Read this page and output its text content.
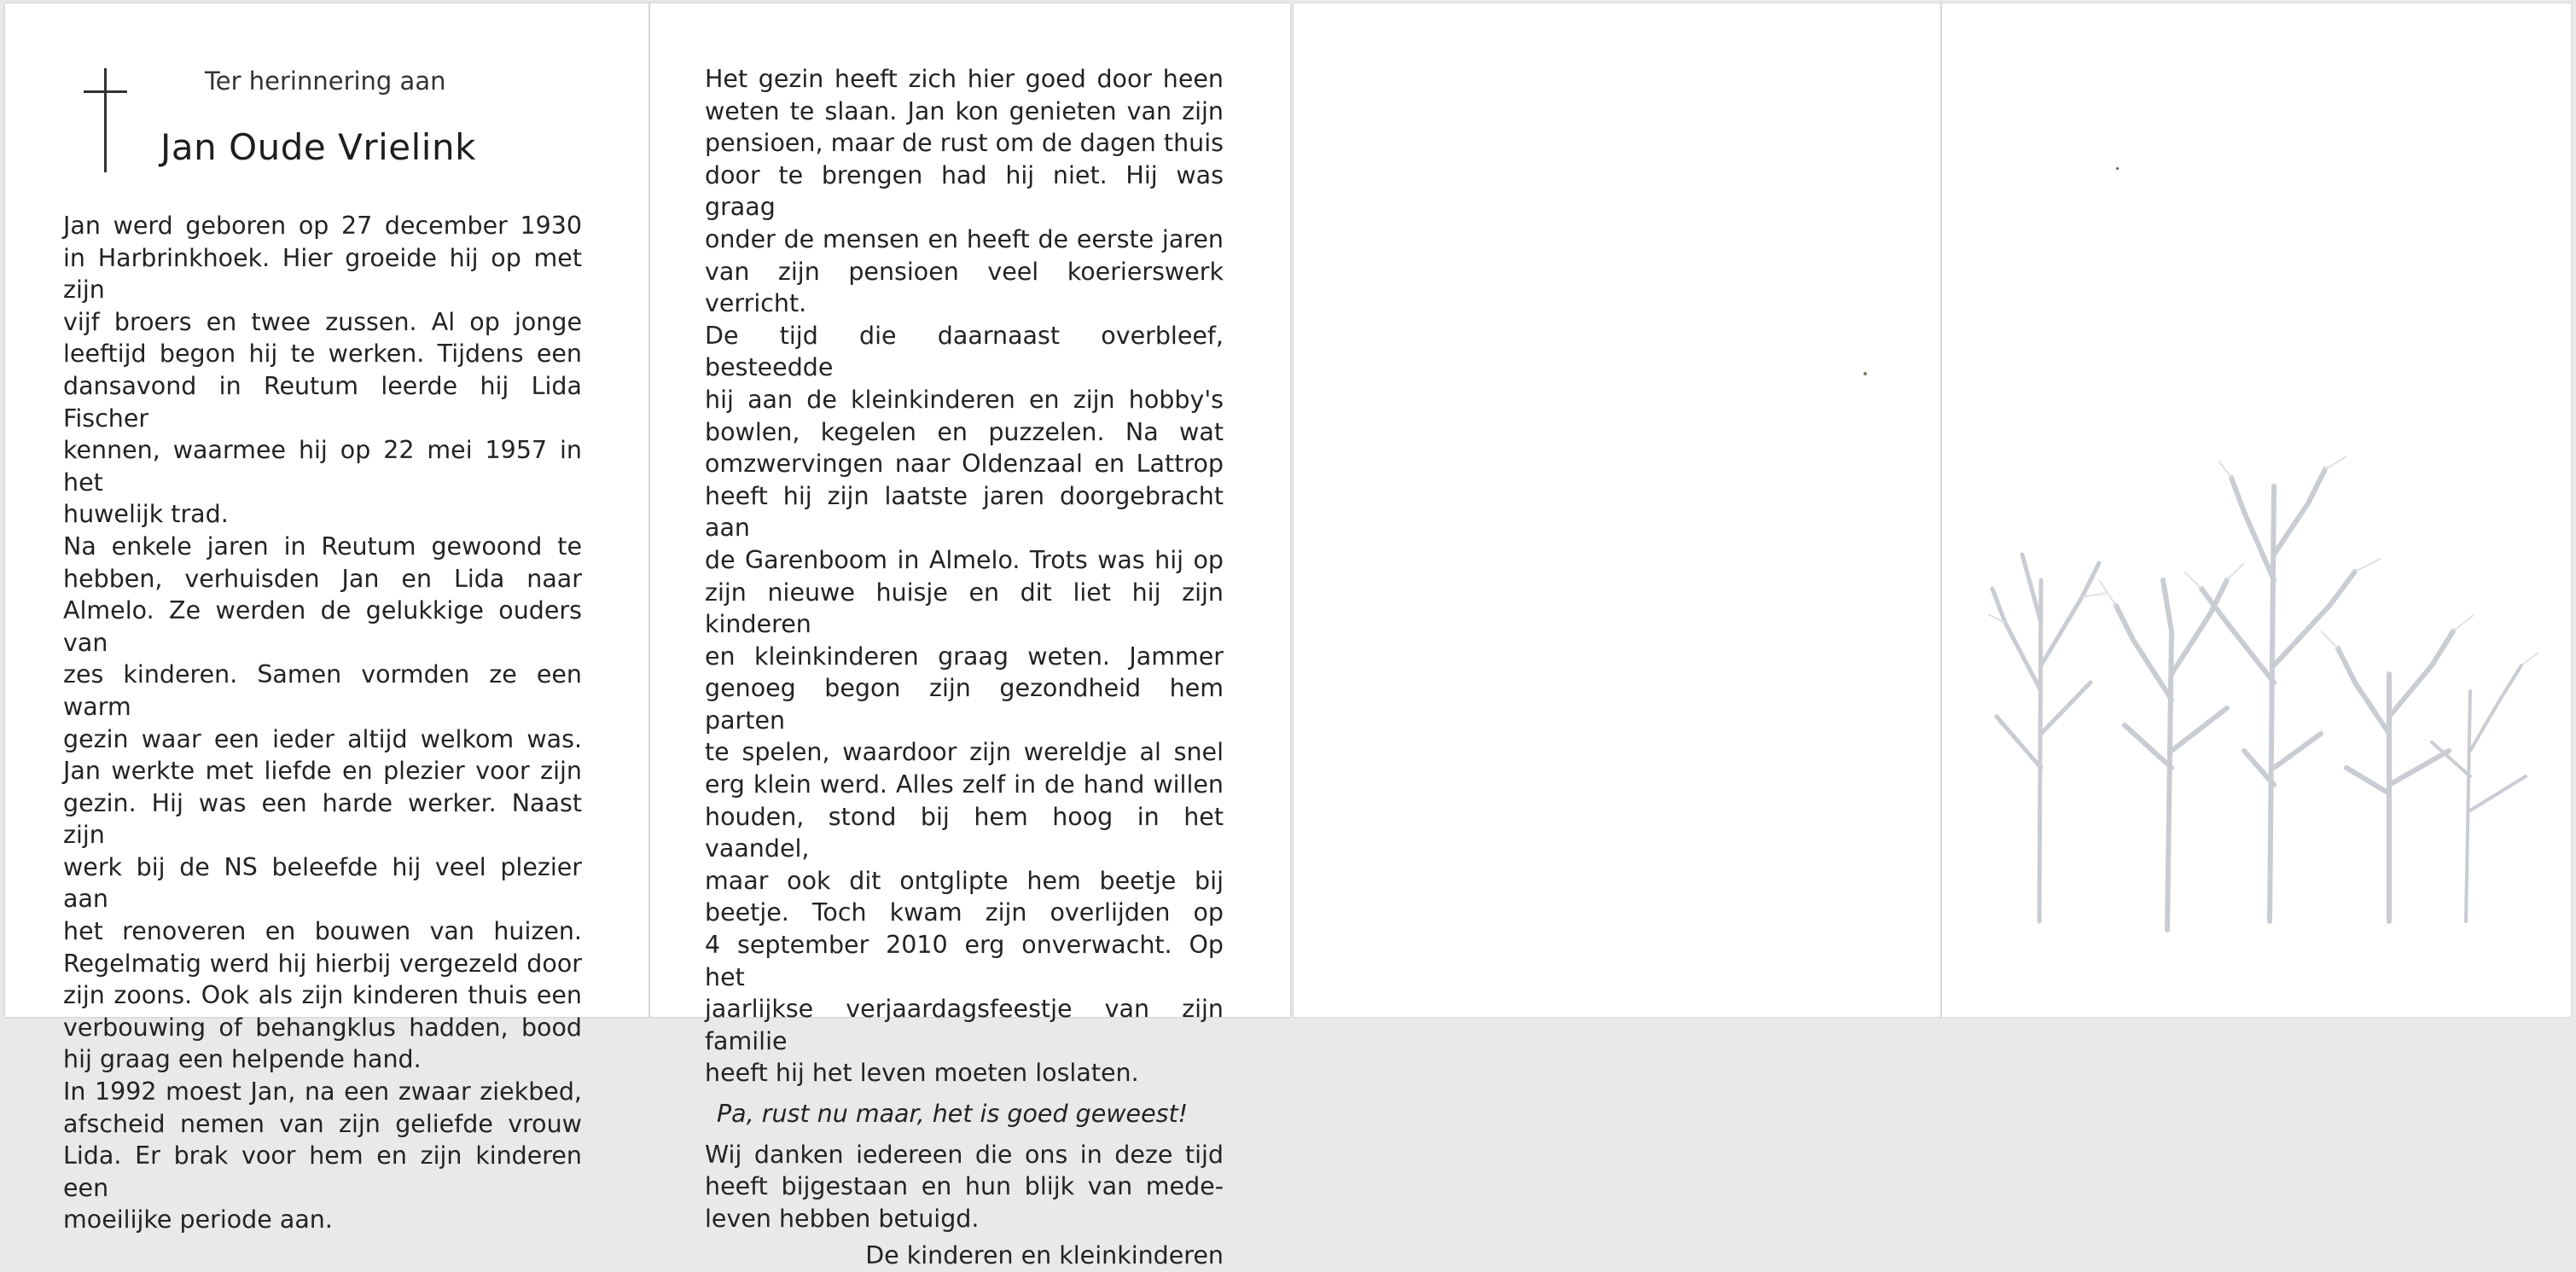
Ter herinnering aan
Jan Oude Vrielink

Jan werd geboren op 27 december 1930

in Harbrinkhoek. Hier groeide hij op met zijn

vijf broers en twee zussen. Al op jonge

leeftijd begon hij te werken. Tijdens een

dansavond in Reutum leerde hij Lida Fischer

kennen, waarmee hij op 22 mei 1957 in het

huwelijk trad.

Na enkele jaren in Reutum gewoond te

hebben, verhuisden Jan en Lida naar

Almelo. Ze werden de gelukkige ouders van

zes kinderen. Samen vormden ze een warm

gezin waar een ieder altijd welkom was.

Jan werkte met liefde en plezier voor zijn

gezin. Hij was een harde werker. Naast zijn

werk bij de NS beleefde hij veel plezier aan

het renoveren en bouwen van huizen.

Regelmatig werd hij hierbij vergezeld door

zijn zoons. Ook als zijn kinderen thuis een

verbouwing of behangklus hadden, bood

hij graag een helpende hand.

In 1992 moest Jan, na een zwaar ziekbed,

afscheid nemen van zijn geliefde vrouw

Lida. Er brak voor hem en zijn kinderen een

moeilijke periode aan.

Het gezin heeft zich hier goed door heen

weten te slaan. Jan kon genieten van zijn

pensioen, maar de rust om de dagen thuis

door te brengen had hij niet. Hij was graag

onder de mensen en heeft de eerste jaren

van zijn pensioen veel koerierswerk verricht.

De tijd die daarnaast overbleef, besteedde

hij aan de kleinkinderen en zijn hobby's

bowlen, kegelen en puzzelen. Na wat

omzwervingen naar Oldenzaal en Lattrop

heeft hij zijn laatste jaren doorgebracht aan

de Garenboom in Almelo. Trots was hij op

zijn nieuwe huisje en dit liet hij zijn kinderen

en kleinkinderen graag weten. Jammer

genoeg begon zijn gezondheid hem parten

te spelen, waardoor zijn wereldje al snel

erg klein werd. Alles zelf in de hand willen

houden, stond bij hem hoog in het vaandel,

maar ook dit ontglipte hem beetje bij

beetje. Toch kwam zijn overlijden op

4 september 2010 erg onverwacht. Op het

jaarlijkse verjaardagsfeestje van zijn familie

heeft hij het leven moeten loslaten.

Pa, rust nu maar, het is goed geweest!

Wij danken iedereen die ons in deze tijd

heeft bijgestaan en hun blijk van mede-

leven hebben betuigd.

De kinderen en kleinkinderen
